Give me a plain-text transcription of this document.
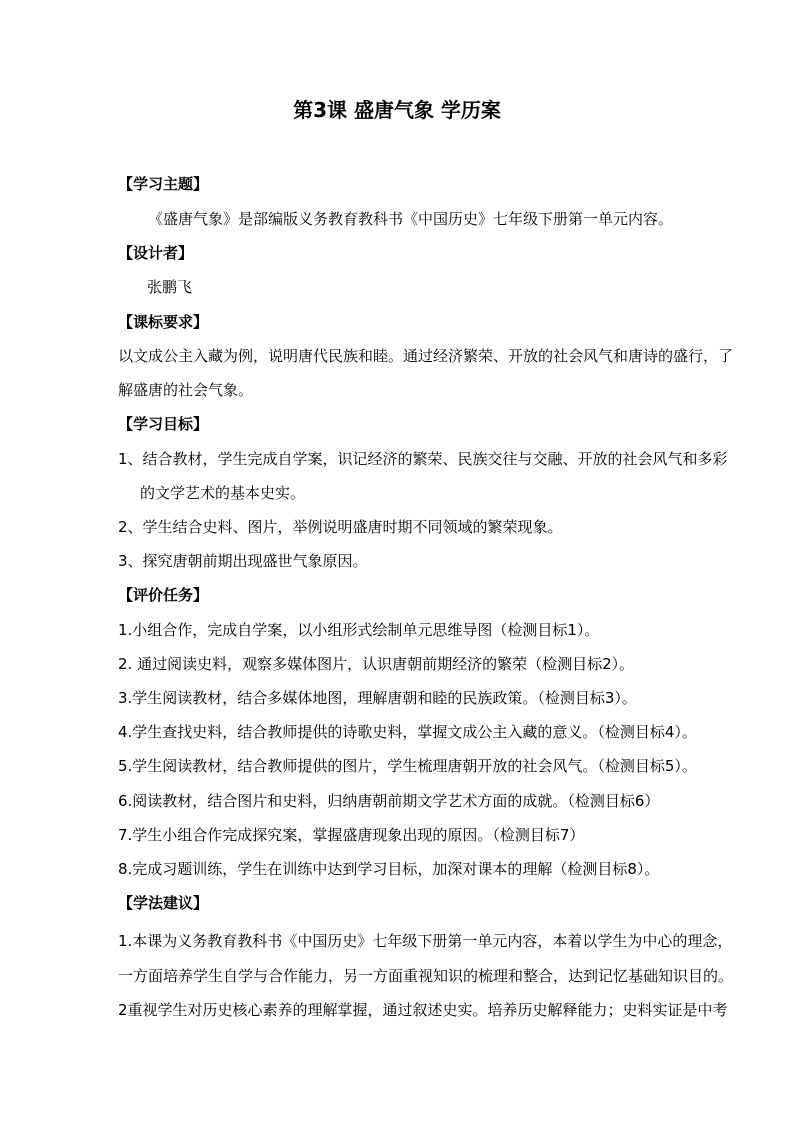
第3课 盛唐气象 学历案
【学习主题】
《盛唐气象》是部编版义务教育教科书《中国历史》七年级下册第一单元内容。
【设计者】
张鹏飞
【课标要求】
以文成公主入藏为例，说明唐代民族和睦。通过经济繁荣、开放的社会风气和唐诗的盛行，了
解盛唐的社会气象。
【学习目标】
1、结合教材，学生完成自学案，识记经济的繁荣、民族交往与交融、开放的社会风气和多彩
的文学艺术的基本史实。
2、学生结合史料、图片，举例说明盛唐时期不同领域的繁荣现象。
3、探究唐朝前期出现盛世气象原因。
【评价任务】
1.小组合作，完成自学案，以小组形式绘制单元思维导图（检测目标1）。
2. 通过阅读史料，观察多媒体图片，认识唐朝前期经济的繁荣（检测目标2）。
3.学生阅读教材，结合多媒体地图，理解唐朝和睦的民族政策。（检测目标3）。
4.学生查找史料，结合教师提供的诗歌史料，掌握文成公主入藏的意义。（检测目标4）。
5.学生阅读教材，结合教师提供的图片，学生梳理唐朝开放的社会风气。（检测目标5）。
6.阅读教材，结合图片和史料，归纳唐朝前期文学艺术方面的成就。（检测目标6）
7.学生小组合作完成探究案，掌握盛唐现象出现的原因。（检测目标7）
8.完成习题训练，学生在训练中达到学习目标，加深对课本的理解（检测目标8）。
【学法建议】
1.本课为义务教育教科书《中国历史》七年级下册第一单元内容，本着以学生为中心的理念，
一方面培养学生自学与合作能力，另一方面重视知识的梳理和整合，达到记忆基础知识目的。
2重视学生对历史核心素养的理解掌握，通过叙述史实。培养历史解释能力；史料实证是中考
